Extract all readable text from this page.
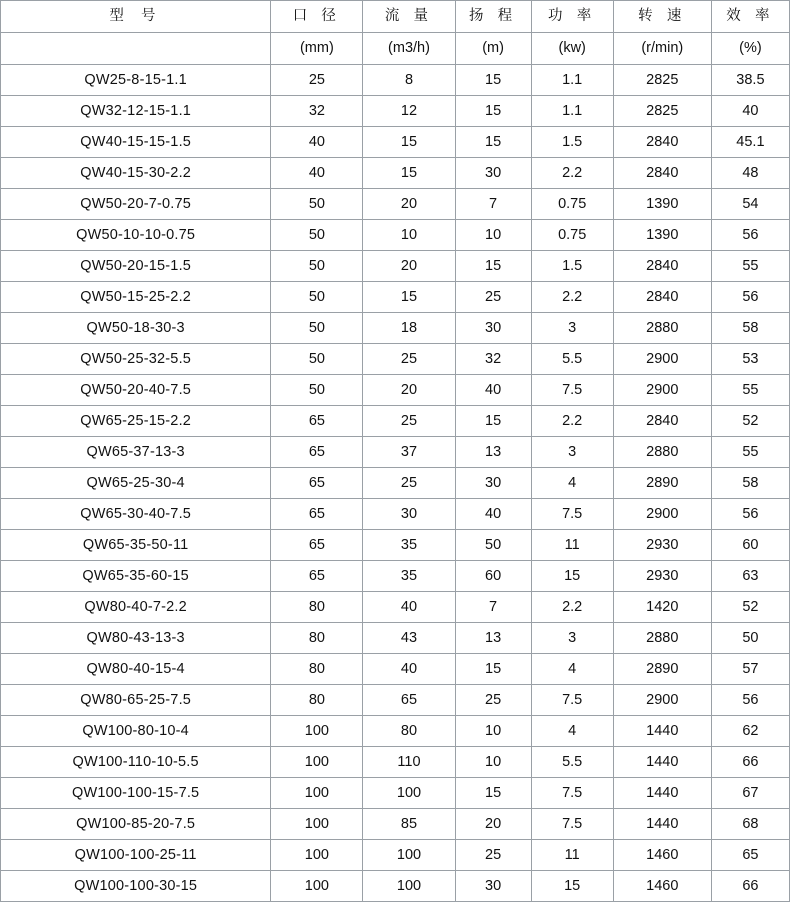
型 号	口 径	流 量	扬 程	功 率	转 速	效 率
	(mm)	(m3/h)	(m)	(kw)	(r/min)	(%)
QW25-8-15-1.1	25	8	15	1.1	2825	38.5
QW32-12-15-1.1	32	12	15	1.1	2825	40
QW40-15-15-1.5	40	15	15	1.5	2840	45.1
QW40-15-30-2.2	40	15	30	2.2	2840	48
QW50-20-7-0.75	50	20	7	0.75	1390	54
QW50-10-10-0.75	50	10	10	0.75	1390	56
QW50-20-15-1.5	50	20	15	1.5	2840	55
QW50-15-25-2.2	50	15	25	2.2	2840	56
QW50-18-30-3	50	18	30	3	2880	58
QW50-25-32-5.5	50	25	32	5.5	2900	53
QW50-20-40-7.5	50	20	40	7.5	2900	55
QW65-25-15-2.2	65	25	15	2.2	2840	52
QW65-37-13-3	65	37	13	3	2880	55
QW65-25-30-4	65	25	30	4	2890	58
QW65-30-40-7.5	65	30	40	7.5	2900	56
QW65-35-50-11	65	35	50	11	2930	60
QW65-35-60-15	65	35	60	15	2930	63
QW80-40-7-2.2	80	40	7	2.2	1420	52
QW80-43-13-3	80	43	13	3	2880	50
QW80-40-15-4	80	40	15	4	2890	57
QW80-65-25-7.5	80	65	25	7.5	2900	56
QW100-80-10-4	100	80	10	4	1440	62
QW100-110-10-5.5	100	110	10	5.5	1440	66
QW100-100-15-7.5	100	100	15	7.5	1440	67
QW100-85-20-7.5	100	85	20	7.5	1440	68
QW100-100-25-11	100	100	25	11	1460	65
QW100-100-30-15	100	100	30	15	1460	66
